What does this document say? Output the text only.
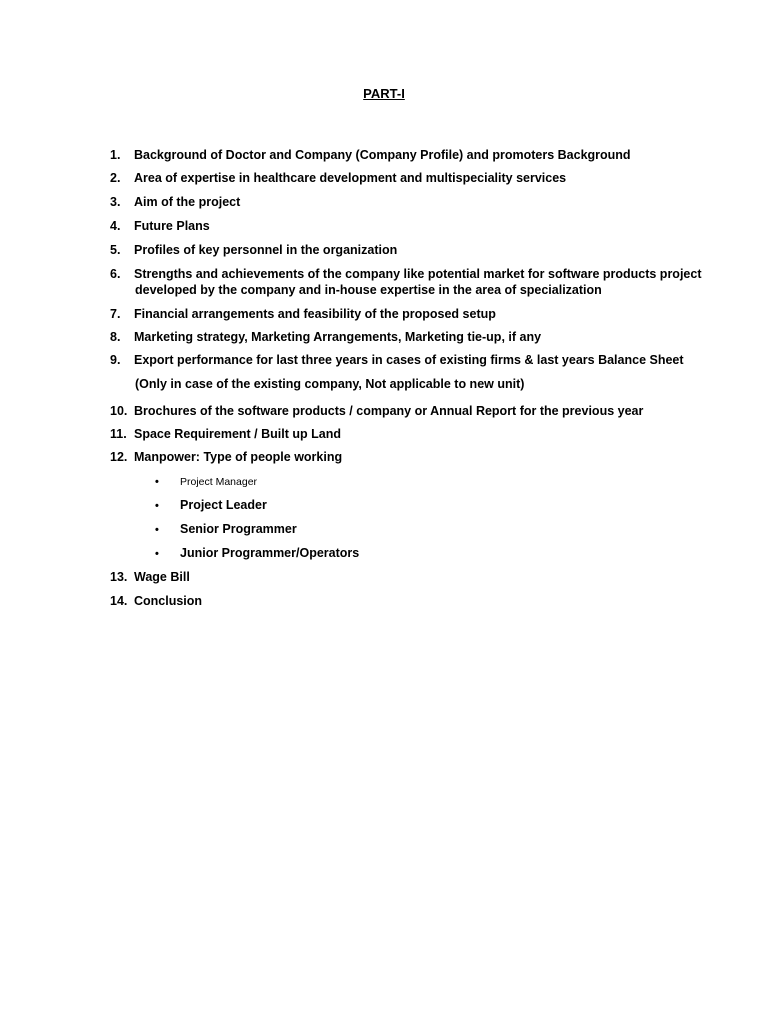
PART-I
1. Background of Doctor and Company (Company Profile) and promoters Background
2. Area of expertise in healthcare development and multispeciality services
3. Aim of the project
4. Future Plans
5. Profiles of key personnel in the organization
6. Strengths and achievements of the company like potential market for software products project
developed by the company and in-house expertise in the area of specialization
7. Financial arrangements and feasibility of the proposed setup
8. Marketing strategy, Marketing Arrangements, Marketing tie-up, if any
9. Export performance for last three years in cases of existing firms & last years Balance Sheet
(Only in case of the existing company, Not applicable to new unit)
10. Brochures of the software products / company or Annual Report for the previous year
11. Space Requirement / Built up Land
12. Manpower: Type of people working
• Project Manager
• Project Leader
• Senior Programmer
• Junior Programmer/Operators
13. Wage Bill
14. Conclusion
